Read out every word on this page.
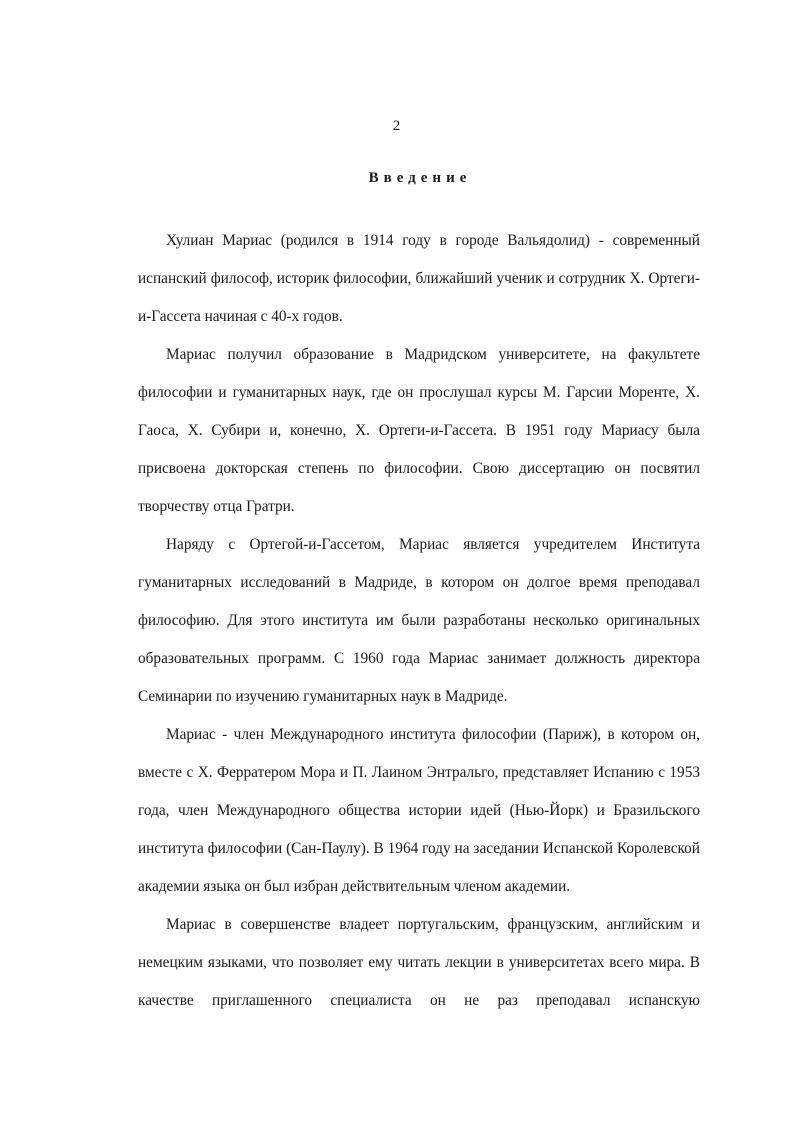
2
Введение

Хулиан Мариас (родился в 1914 году в городе Вальядолид) - современный испанский философ, историк философии, ближайший ученик и сотрудник Х. Ортеги-и-Гассета начиная с 40-х годов.

Мариас получил образование в Мадридском университете, на факультете философии и гуманитарных наук, где он прослушал курсы М. Гарсии Моренте, Х. Гаоса, Х. Субири и, конечно, Х. Ортеги-и-Гассета. В 1951 году Мариасу была присвоена докторская степень по философии. Свою диссертацию он посвятил творчеству отца Гратри.

Наряду с Ортегой-и-Гассетом, Мариас является учредителем Института гуманитарных исследований в Мадриде, в котором он долгое время преподавал философию. Для этого института им были разработаны несколько оригинальных образовательных программ. С 1960 года Мариас занимает должность директора Семинарии по изучению гуманитарных наук в Мадриде.

Мариас - член Международного института философии (Париж), в котором он, вместе с Х. Ферратером Мора и П. Лаином Энтральго, представляет Испанию с 1953 года, член Международного общества истории идей (Нью-Йорк) и Бразильского института философии (Сан-Паулу). В 1964 году на заседании Испанской Королевской академии языка он был избран действительным членом академии.

Мариас в совершенстве владеет португальским, французским, английским и немецким языками, что позволяет ему читать лекции в университетах всего мира. В качестве приглашенного специалиста он не раз преподавал испанскую
